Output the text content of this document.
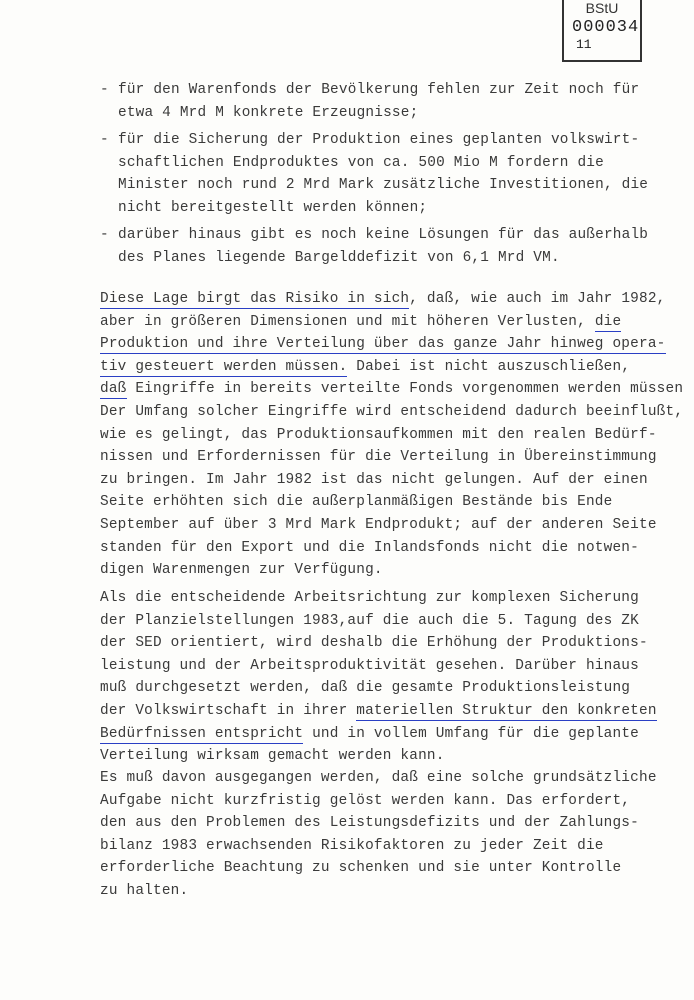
BStU
000034
11
- für den Warenfonds der Bevölkerung fehlen zur Zeit noch für
etwa 4 Mrd M konkrete Erzeugnisse;
- für die Sicherung der Produktion eines geplanten volkswirt-
schaftlichen Endproduktes von ca. 500 Mio M fordern die
Minister noch rund 2 Mrd Mark zusätzliche Investitionen, die
nicht bereitgestellt werden können;
- darüber hinaus gibt es noch keine Lösungen für das außerhalb
des Planes liegende Bargelddefizit von 6,1 Mrd VM.
Diese Lage birgt das Risiko in sich, daß, wie auch im Jahr 1982,
aber in größeren Dimensionen und mit höheren Verlusten, die
Produktion und ihre Verteilung über das ganze Jahr hinweg opera-
tiv gesteuert werden müssen. Dabei ist nicht auszuschließen,
daß Eingriffe in bereits verteilte Fonds vorgenommen werden müssen
Der Umfang solcher Eingriffe wird entscheidend dadurch beeinflußt,
wie es gelingt, das Produktionsaufkommen mit den realen Bedürf-
nissen und Erfordernissen für die Verteilung in Übereinstimmung
zu bringen. Im Jahr 1982 ist das nicht gelungen. Auf der einen
Seite erhöhten sich die außerplanmäßigen Bestände bis Ende
September auf über 3 Mrd Mark Endprodukt; auf der anderen Seite
standen für den Export und die Inlandsfonds nicht die notwen-
digen Warenmengen zur Verfügung.
Als die entscheidende Arbeitsrichtung zur komplexen Sicherung
der Planzielstellungen 1983,auf die auch die 5. Tagung des ZK
der SED orientiert, wird deshalb die Erhöhung der Produktions-
leistung und der Arbeitsproduktivität gesehen. Darüber hinaus
muß durchgesetzt werden, daß die gesamte Produktionsleistung
der Volkswirtschaft in ihrer materiellen Struktur den konkreten
Bedürfnissen entspricht und in vollem Umfang für die geplante
Verteilung wirksam gemacht werden kann.
Es muß davon ausgegangen werden, daß eine solche grundsätzliche
Aufgabe nicht kurzfristig gelöst werden kann. Das erfordert,
den aus den Problemen des Leistungsdefizits und der Zahlungs-
bilanz 1983 erwachsenden Risikofaktoren zu jeder Zeit die
erforderliche Beachtung zu schenken und sie unter Kontrolle
zu halten.
